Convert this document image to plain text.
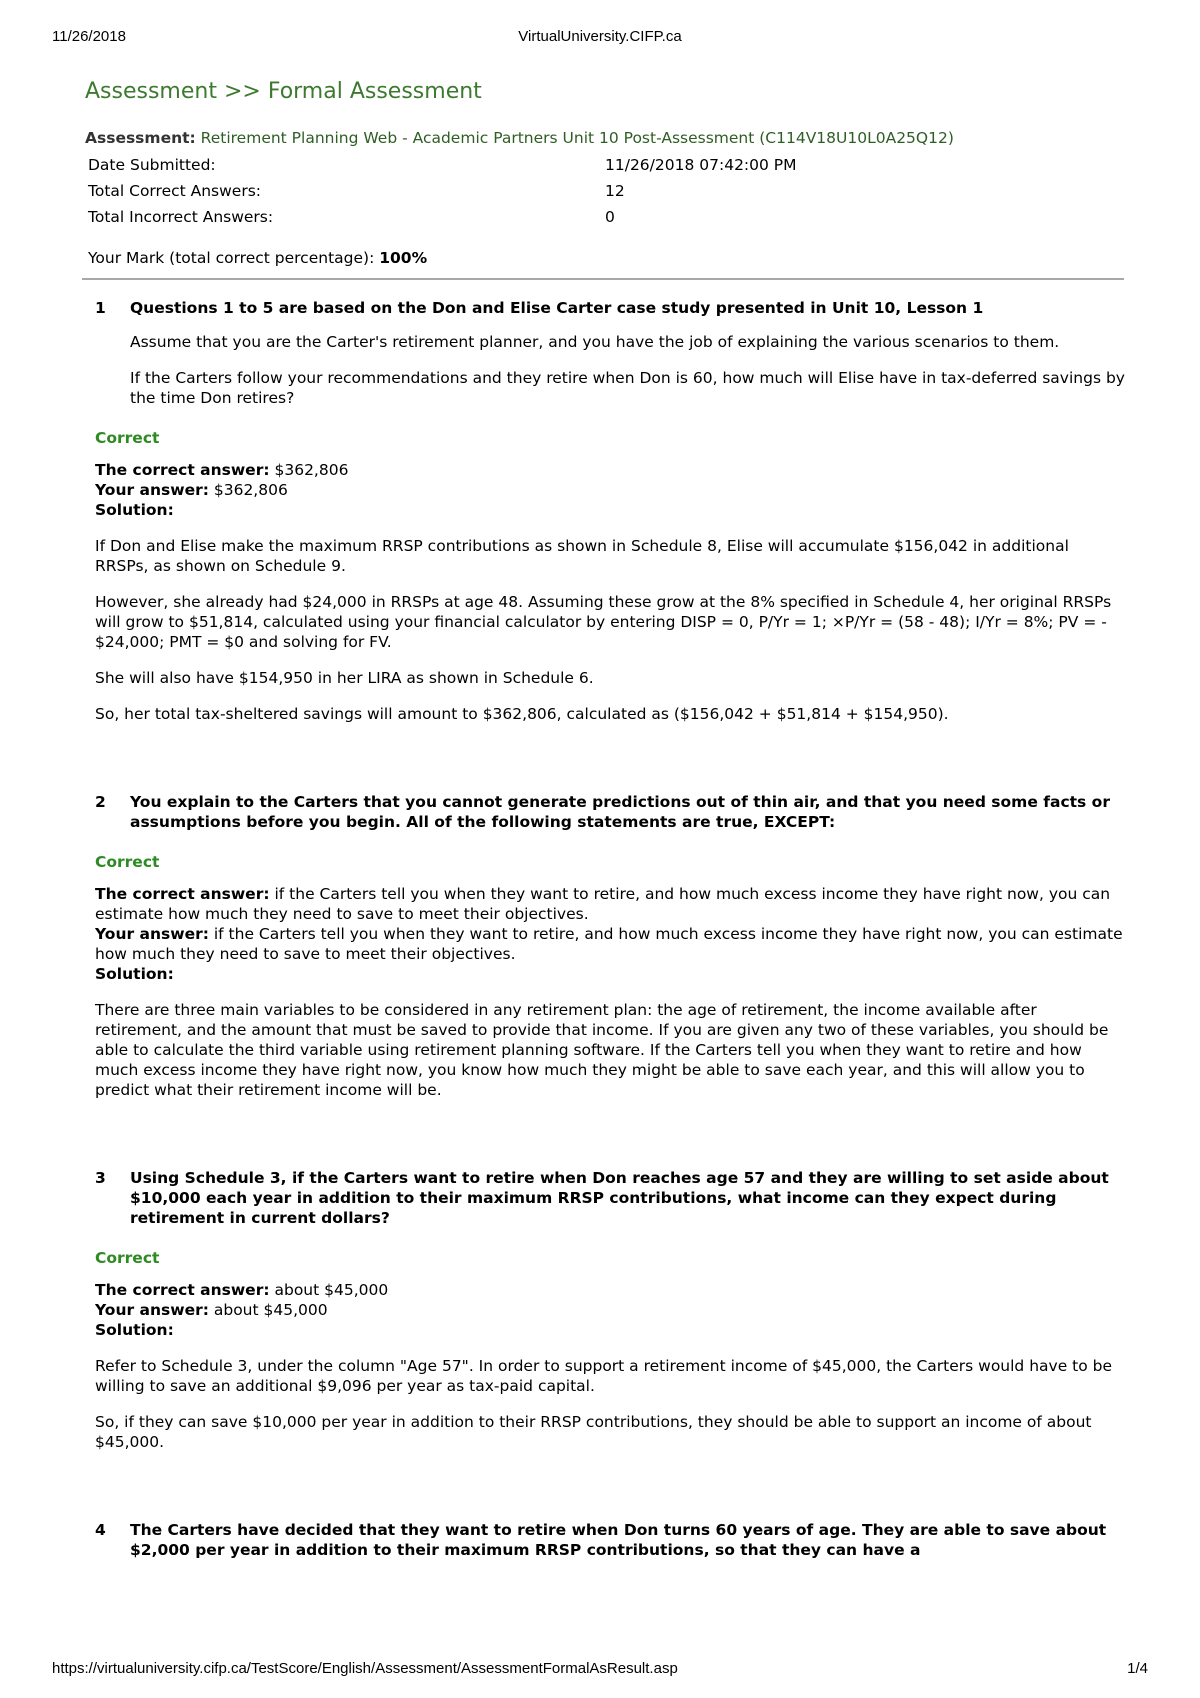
11/26/2018	VirtualUniversity.CIFP.ca
Assessment >> Formal Assessment
Assessment: Retirement Planning Web - Academic Partners Unit 10 Post-Assessment (C114V18U10L0A25Q12)
Date Submitted:	11/26/2018 07:42:00 PM
Total Correct Answers:	12
Total Incorrect Answers:	0
Your Mark (total correct percentage): 100%
1	Questions 1 to 5 are based on the Don and Elise Carter case study presented in Unit 10, Lesson 1

Assume that you are the Carter's retirement planner, and you have the job of explaining the various scenarios to them.

If the Carters follow your recommendations and they retire when Don is 60, how much will Elise have in tax-deferred savings by the time Don retires?

Correct
The correct answer: $362,806
Your answer: $362,806
Solution:

If Don and Elise make the maximum RRSP contributions as shown in Schedule 8, Elise will accumulate $156,042 in additional RRSPs, as shown on Schedule 9.

However, she already had $24,000 in RRSPs at age 48. Assuming these grow at the 8% specified in Schedule 4, her original RRSPs will grow to $51,814, calculated using your financial calculator by entering DISP = 0, P/Yr = 1; ×P/Yr = (58 - 48); I/Yr = 8%; PV = - $24,000; PMT = $0 and solving for FV.

She will also have $154,950 in her LIRA as shown in Schedule 6.

So, her total tax-sheltered savings will amount to $362,806, calculated as ($156,042 + $51,814 + $154,950).

2	You explain to the Carters that you cannot generate predictions out of thin air, and that you need some facts or assumptions before you begin. All of the following statements are true, EXCEPT:
Correct
The correct answer: if the Carters tell you when they want to retire, and how much excess income they have right now, you can estimate how much they need to save to meet their objectives.
Your answer: if the Carters tell you when they want to retire, and how much excess income they have right now, you can estimate how much they need to save to meet their objectives.
Solution:

There are three main variables to be considered in any retirement plan: the age of retirement, the income available after retirement, and the amount that must be saved to provide that income. If you are given any two of these variables, you should be able to calculate the third variable using retirement planning software. If the Carters tell you when they want to retire and how much excess income they have right now, you know how much they might be able to save each year, and this will allow you to predict what their retirement income will be.

3	Using Schedule 3, if the Carters want to retire when Don reaches age 57 and they are willing to set aside about $10,000 each year in addition to their maximum RRSP contributions, what income can they expect during retirement in current dollars?
Correct
The correct answer: about $45,000
Your answer: about $45,000
Solution:

Refer to Schedule 3, under the column "Age 57". In order to support a retirement income of $45,000, the Carters would have to be willing to save an additional $9,096 per year as tax-paid capital.

So, if they can save $10,000 per year in addition to their RRSP contributions, they should be able to support an income of about $45,000.

4	The Carters have decided that they want to retire when Don turns 60 years of age. They are able to save about $2,000 per year in addition to their maximum RRSP contributions, so that they can have a
https://virtualuniversity.cifp.ca/TestScore/English/Assessment/AssessmentFormalAsResult.asp	1/4
